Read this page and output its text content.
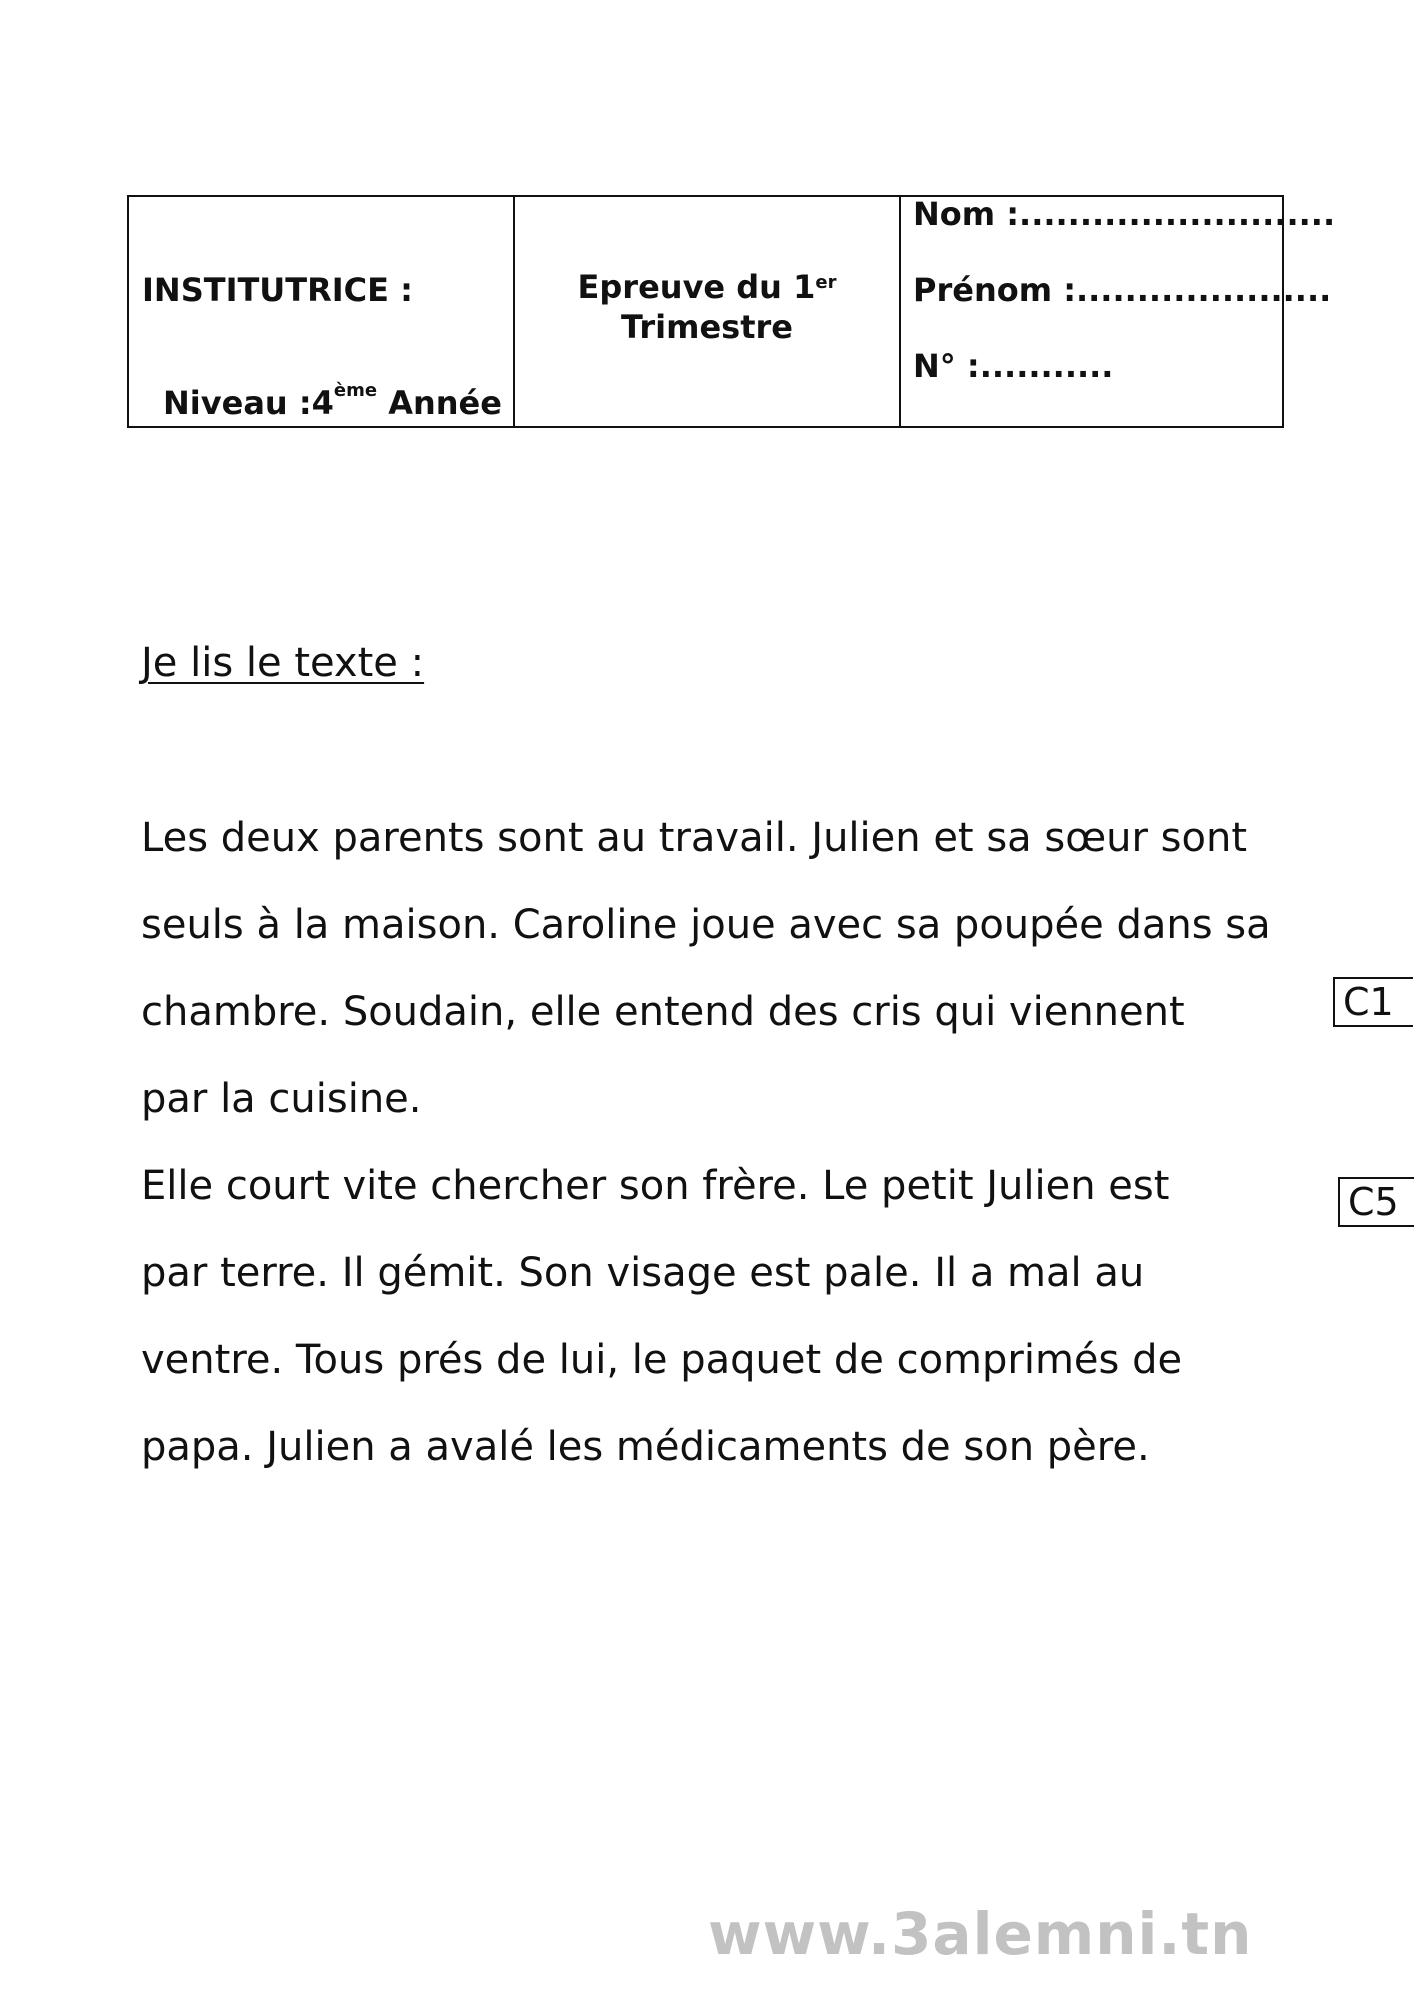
INSTITUTRICE :
Niveau :4ème Année
Epreuve du 1er
Trimestre
Nom :..........................
Prénom :.....................
N° :...........
Je lis le texte :
Les deux parents sont au travail. Julien et sa sœur sont
seuls à la maison. Caroline joue avec sa poupée dans sa
chambre. Soudain, elle entend des cris qui viennent
par la cuisine.
Elle court vite chercher son frère. Le petit Julien est
par terre. Il gémit. Son visage est pale. Il a mal au
ventre. Tous prés de lui, le paquet de comprimés de
papa. Julien a avalé les médicaments de son père.
C1
C5
www.3alemni.tn
